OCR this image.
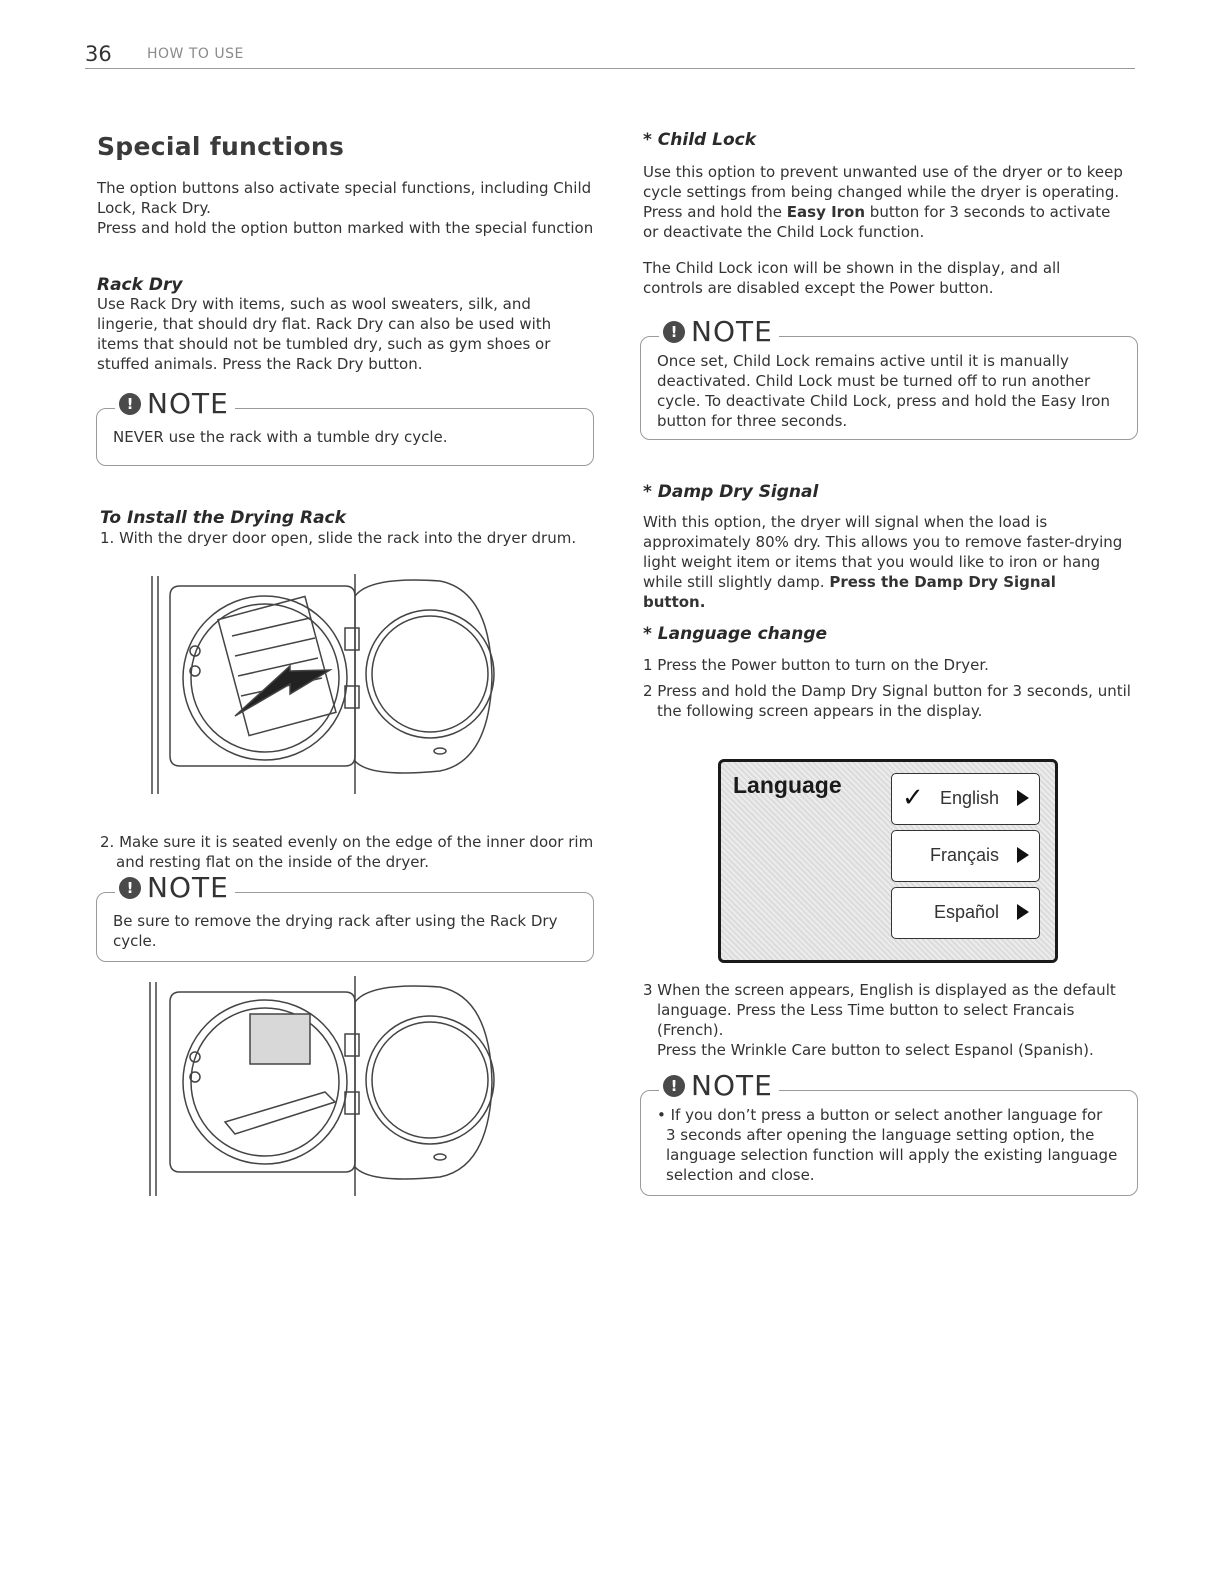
36	HOW TO USE
Special functions

The option buttons also activate special functions, including Child Lock, Rack Dry.

Press and hold the option button marked with the special function

Rack Dry
Use Rack Dry with items, such as wool sweaters, silk, and lingerie, that should dry flat. Rack Dry can also be used with items that should not be tumbled dry, such as gym shoes or stuffed animals. Press the Rack Dry button.
! NOTE
NEVER use the rack with a tumble dry cycle.
To Install the Drying Rack
1. With the dryer door open, slide the rack into the dryer drum.

2. Make sure it is seated evenly on the edge of the inner door rim

and resting flat on the inside of the dryer.

! NOTE
Be sure to remove the drying rack after using the Rack Dry cycle.
* Child Lock
Use this option to prevent unwanted use of the dryer or to keep cycle settings from being changed while the dryer is operating. Press and hold the Easy Iron button for 3 seconds to activate or deactivate the Child Lock function.
The Child Lock icon will be shown in the display, and all controls are disabled except the Power button.
! NOTE
Once set, Child Lock remains active until it is manually deactivated. Child Lock must be turned off to run another cycle. To deactivate Child Lock, press and hold the Easy Iron button for three seconds.
* Damp Dry Signal
With this option, the dryer will signal when the load is approximately 80% dry. This allows you to remove faster-drying light weight item or items that you would like to iron or hang while still slightly damp. Press the Damp Dry Signal button.
* Language change
1 Press the Power button to turn on the Dryer.

2 Press and hold the Damp Dry Signal button for 3 seconds, until

the following screen appears in the display.

Language ✓ English
Français
Español

3 When the screen appears, English is displayed as the default

language. Press the Less Time button to select Francais (French).

Press the Wrinkle Care button to select Espanol (Spanish).

! NOTE

• If you don’t press a button or select another language for

3 seconds after opening the language setting option, the language selection function will apply the existing language selection and close.
